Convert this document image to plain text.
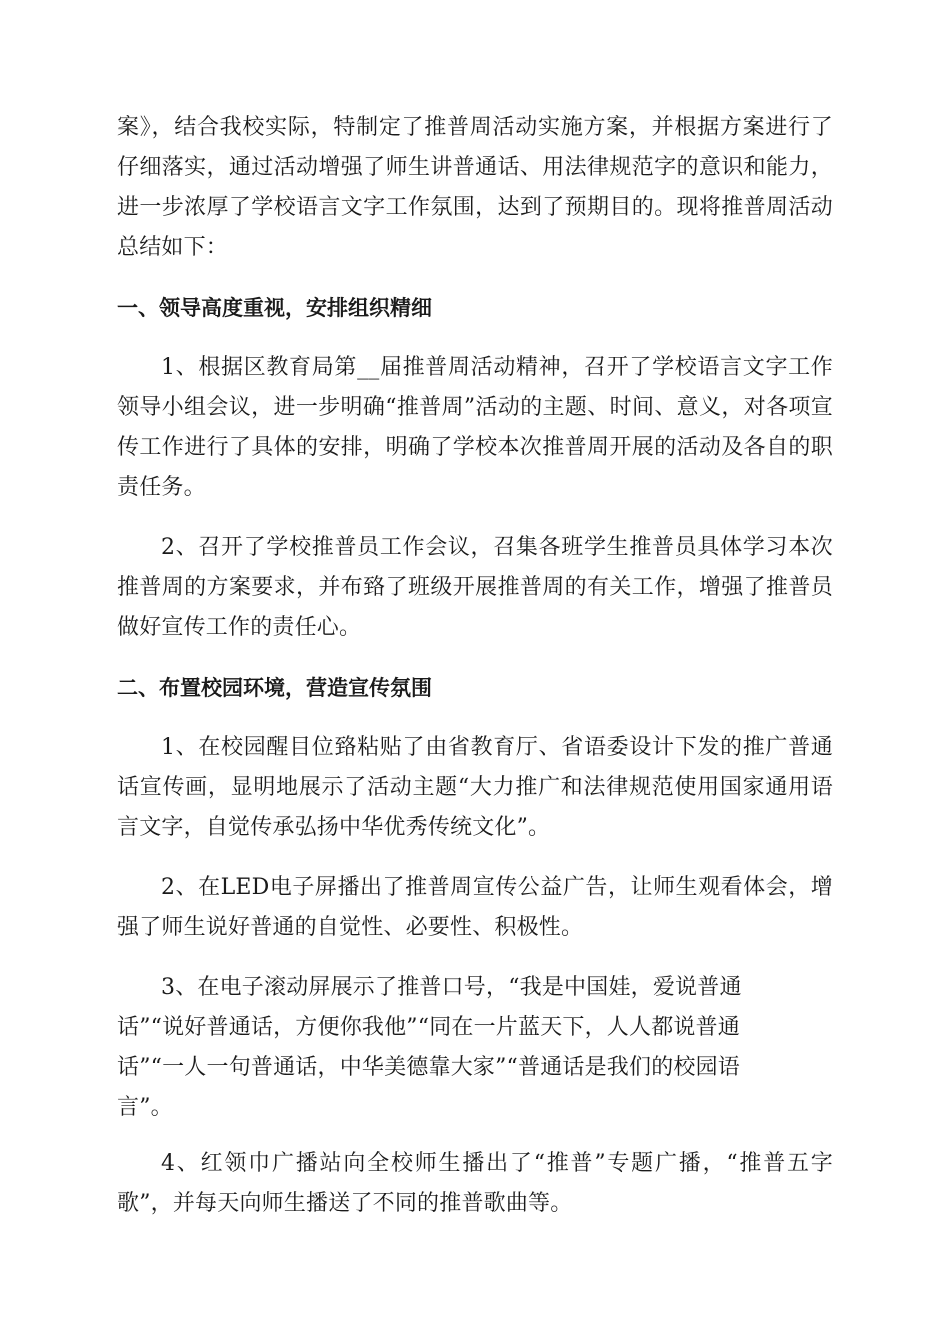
案》，结合我校实际，特制定了推普周活动实施方案，并根据方案进行了仔细落实，通过活动增强了师生讲普通话、用法律规范字的意识和能力，进一步浓厚了学校语言文字工作氛围，达到了预期目的。现将推普周活动总结如下：

一、领导高度重视，安排组织精细

1、根据区教育局第__届推普周活动精神，召开了学校语言文字工作领导小组会议，进一步明确“推普周”活动的主题、时间、意义，对各项宣传工作进行了具体的安排，明确了学校本次推普周开展的活动及各自的职责任务。

2、召开了学校推普员工作会议，召集各班学生推普员具体学习本次推普周的方案要求，并布臵了班级开展推普周的有关工作，增强了推普员做好宣传工作的责任心。

二、布置校园环境，营造宣传氛围

1、在校园醒目位臵粘贴了由省教育厅、省语委设计下发的推广普通话宣传画，显明地展示了活动主题“大力推广和法律规范使用国家通用语言文字，自觉传承弘扬中华优秀传统文化”。

2、在LED电子屏播出了推普周宣传公益广告，让师生观看体会，增强了师生说好普通的自觉性、必要性、积极性。

3、在电子滚动屏展示了推普口号，“我是中国娃，爱说普通
话”“说好普通话，方便你我他”“同在一片蓝天下，人人都说普通
话”“一人一句普通话，中华美德靠大家”“普通话是我们的校园语
言”。

4、红领巾广播站向全校师生播出了“推普”专题广播，“推普五字歌”，并每天向师生播送了不同的推普歌曲等。
